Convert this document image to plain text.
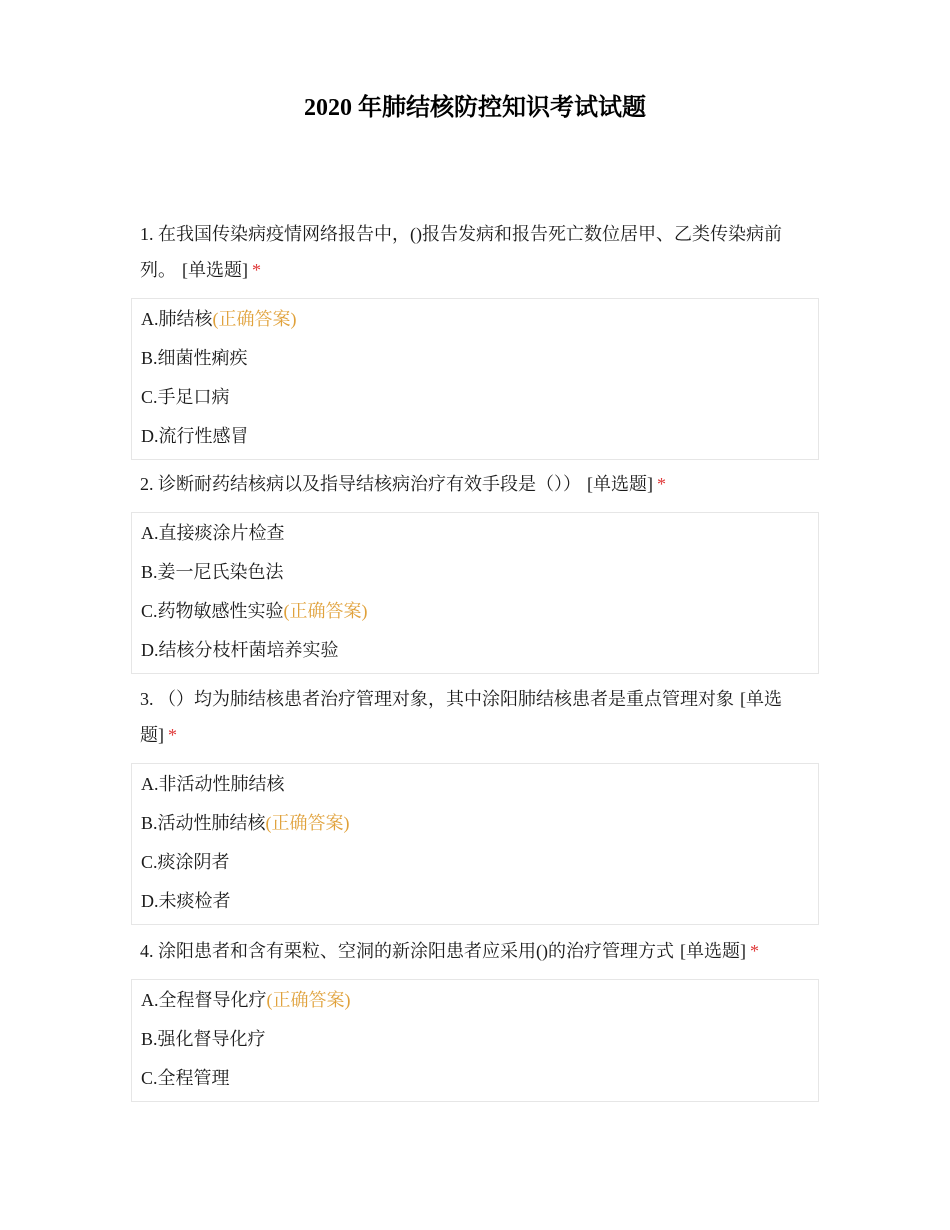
2020 年肺结核防控知识考试试题
1. 在我国传染病疫情网络报告中，()报告发病和报告死亡数位居甲、乙类传染病前列。 [单选题] *
A.肺结核(正确答案)
B.细菌性痢疾
C.手足口病
D.流行性感冒
2. 诊断耐药结核病以及指导结核病治疗有效手段是（）） [单选题] *
A.直接痰涂片检查
B.姜一尼氏染色法
C.药物敏感性实验(正确答案)
D.结核分枝杆菌培养实验
3. （）均为肺结核患者治疗管理对象，其中涂阳肺结核患者是重点管理对象 [单选题] *
A.非活动性肺结核
B.活动性肺结核(正确答案)
C.痰涂阴者
D.未痰检者
4. 涂阳患者和含有栗粒、空洞的新涂阳患者应采用()的治疗管理方式 [单选题] *
A.全程督导化疗(正确答案)
B.强化督导化疗
C.全程管理
